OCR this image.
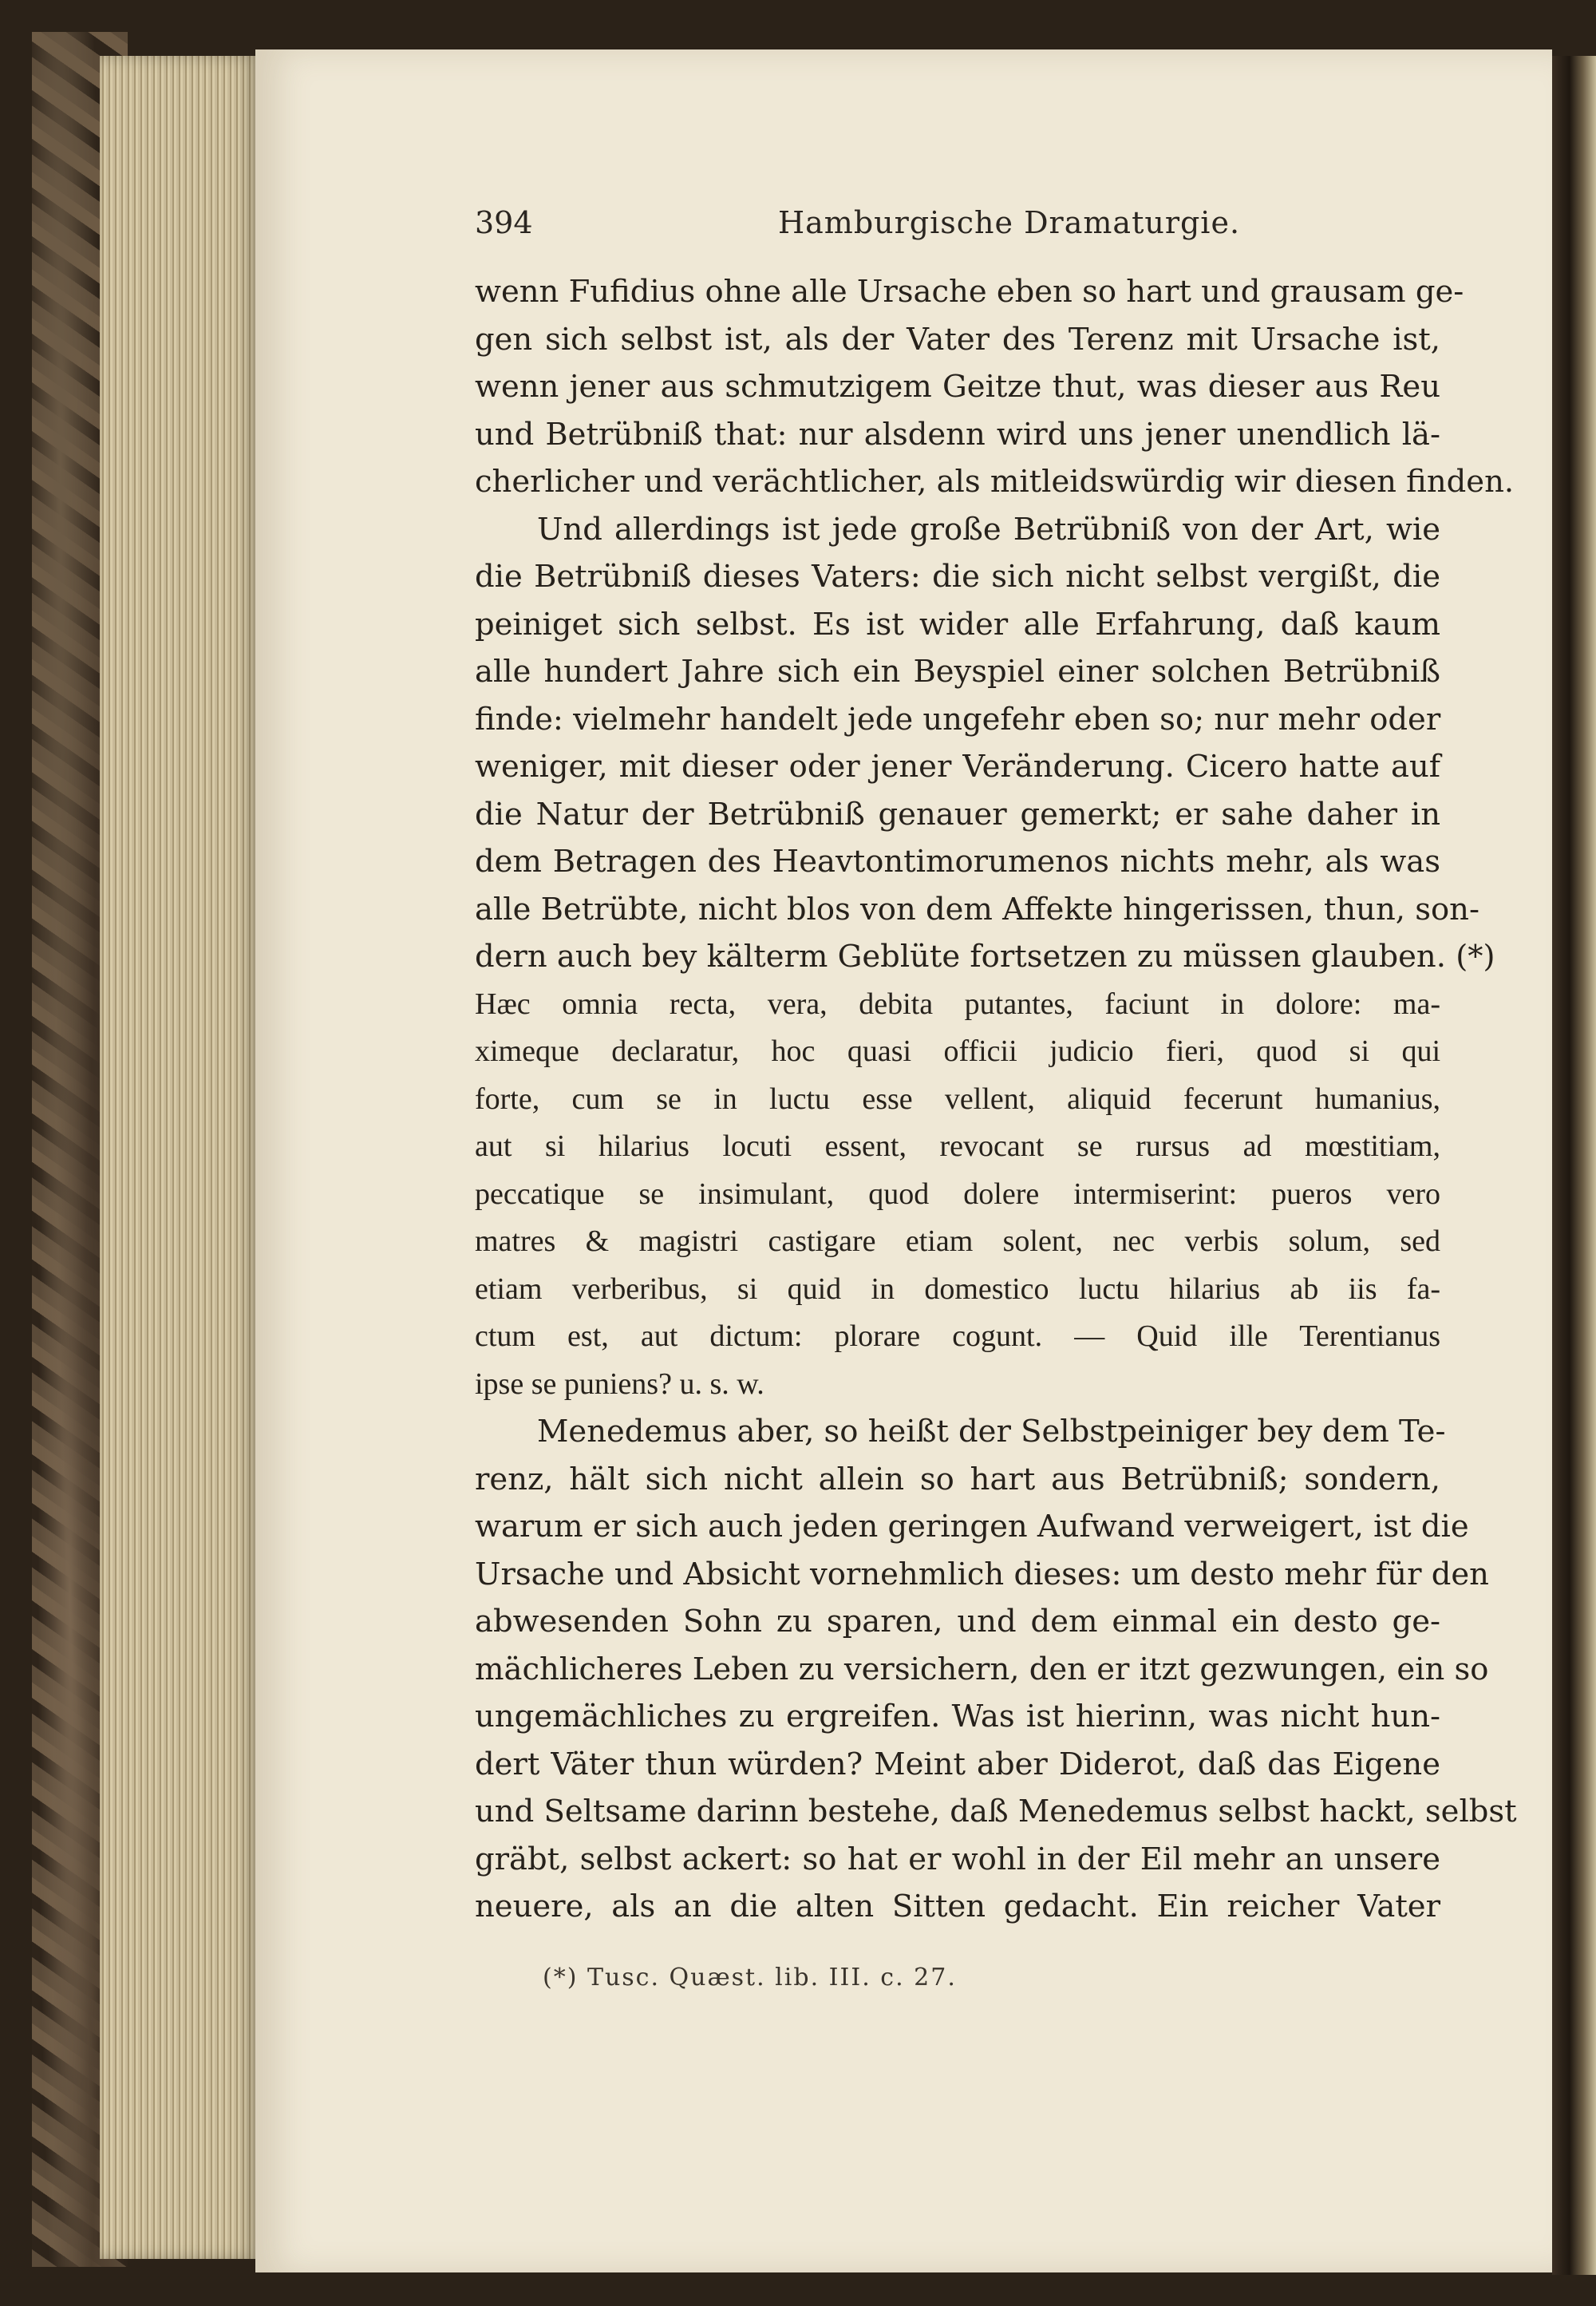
394	Hamburgische Dramaturgie.
wenn Fufidius ohne alle Ursache eben so hart und grausam ge-
gen sich selbst ist, als der Vater des Terenz mit Ursache ist,
wenn jener aus schmutzigem Geitze thut, was dieser aus Reu
und Betrübniß that: nur alsdenn wird uns jener unendlich lä-
cherlicher und verächtlicher, als mitleidswürdig wir diesen finden.
Und allerdings ist jede große Betrübniß von der Art, wie
die Betrübniß dieses Vaters: die sich nicht selbst vergißt, die
peiniget sich selbst. Es ist wider alle Erfahrung, daß kaum
alle hundert Jahre sich ein Beyspiel einer solchen Betrübniß
finde: vielmehr handelt jede ungefehr eben so; nur mehr oder
weniger, mit dieser oder jener Veränderung. Cicero hatte auf
die Natur der Betrübniß genauer gemerkt; er sahe daher in
dem Betragen des Heavtontimorumenos nichts mehr, als was
alle Betrübte, nicht blos von dem Affekte hingerissen, thun, son-
dern auch bey kälterm Geblüte fortsetzen zu müssen glauben. (*)
Hæc omnia recta, vera, debita putantes, faciunt in dolore: ma-
ximeque declaratur, hoc quasi officii judicio fieri, quod si qui
forte, cum se in luctu esse vellent, aliquid fecerunt humanius,
aut si hilarius locuti essent, revocant se rursus ad mœstitiam,
peccatique se insimulant, quod dolere intermiserint: pueros vero
matres & magistri castigare etiam solent, nec verbis solum, sed
etiam verberibus, si quid in domestico luctu hilarius ab iis fa-
ctum est, aut dictum: plorare cogunt. — Quid ille Terentianus
ipse se puniens? u. s. w.
Menedemus aber, so heißt der Selbstpeiniger bey dem Te-
renz, hält sich nicht allein so hart aus Betrübniß; sondern,
warum er sich auch jeden geringen Aufwand verweigert, ist die
Ursache und Absicht vornehmlich dieses: um desto mehr für den
abwesenden Sohn zu sparen, und dem einmal ein desto ge-
mächlicheres Leben zu versichern, den er itzt gezwungen, ein so
ungemächliches zu ergreifen. Was ist hierinn, was nicht hun-
dert Väter thun würden? Meint aber Diderot, daß das Eigene
und Seltsame darinn bestehe, daß Menedemus selbst hackt, selbst
gräbt, selbst ackert: so hat er wohl in der Eil mehr an unsere
neuere, als an die alten Sitten gedacht. Ein reicher Vater
(*) Tusc. Quæst. lib. III. c. 27.
